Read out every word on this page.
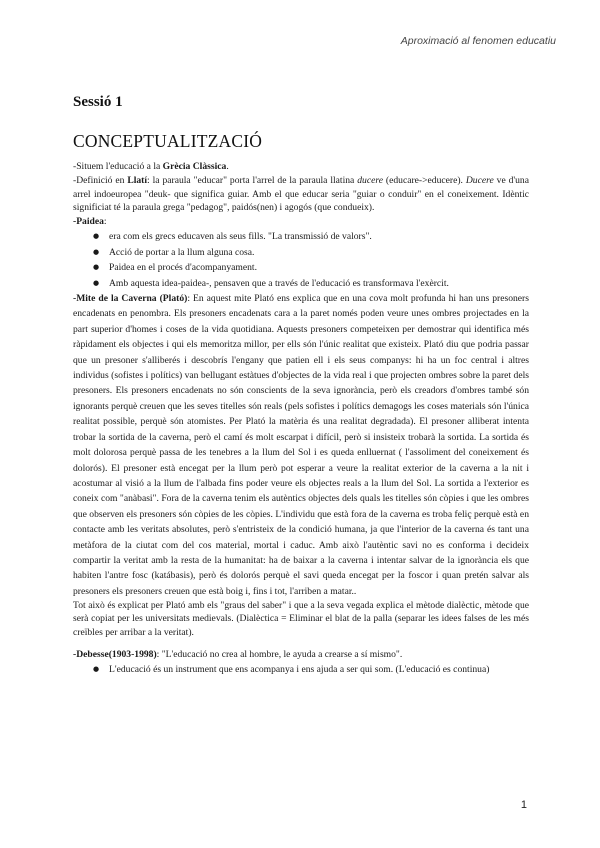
Aproximació al fenomen educatiu
Sessió 1
CONCEPTUALITZACIÓ

-Situem l'educació a la Grècia Clàssica.

-Definició en Llatí: la paraula "educar" porta l'arrel de la paraula llatina ducere (educare->educere). Ducere ve d'una arrel indoeuropea "deuk- que significa guiar. Amb el que educar seria "guiar o conduir" en el coneixement. Idèntic significiat té la paraula grega "pedagog", paidós(nen) i agogós (que condueix).

-Paidea:

● era com els grecs educaven als seus fills. "La transmissió de valors".
● Acció de portar a la llum alguna cosa.
● Paidea en el procés d'acompanyament.
● Amb aquesta idea-paidea-, pensaven que a través de l'educació es transformava l'exèrcit.

-Mite de la Caverna (Plató): En aquest mite Plató ens explica que en una cova molt profunda hi han uns presoners encadenats en penombra. Els presoners encadenats cara a la paret només poden veure unes ombres projectades en la part superior d'homes i coses de la vida quotidiana. Aquests presoners competeixen per demostrar qui identifica més ràpidament els objectes i qui els memoritza millor, per ells són l'únic realitat que existeix. Plató diu que podria passar que un presoner s'alliberés i descobrís l'engany que patien ell i els seus companys: hi ha un foc central i altres individus (sofistes i polítics) van bellugant estàtues d'objectes de la vida real i que projecten ombres sobre la paret dels presoners. Els presoners encadenats no són conscients de la seva ignorància, però els creadors d'ombres també són ignorants perquè creuen que les seves titelles són reals (pels sofistes i polítics demagogs les coses materials són l'única realitat possible, perquè són atomistes. Per Plató la matèria és una realitat degradada). El presoner alliberat intenta trobar la sortida de la caverna, però el camí és molt escarpat i difícil, però si insisteix trobarà la sortida. La sortida és molt dolorosa perquè passa de les tenebres a la llum del Sol i es queda enlluernat ( l'assoliment del coneixement és dolorós). El presoner està encegat per la llum però pot esperar a veure la realitat exterior de la caverna a la nit i acostumar al visió a la llum de l'albada fins poder veure els objectes reals a la llum del Sol. La sortida a l'exterior es coneix com "anàbasi". Fora de la caverna tenim els autèntics objectes dels quals les titelles són còpies i que les ombres que observen els presoners són còpies de les còpies. L'individu que està fora de la caverna es troba feliç perquè està en contacte amb les veritats absolutes, però s'entristeix de la condició humana, ja que l'interior de la caverna és tant una metàfora de la ciutat com del cos material, mortal i caduc. Amb això l'autèntic savi no es conforma i decideix compartir la veritat amb la resta de la humanitat: ha de baixar a la caverna i intentar salvar de la ignorància els que habiten l'antre fosc (katábasis), però és dolorós perquè el savi queda encegat per la foscor i quan pretén salvar als presoners els presoners creuen que està boig i, fins i tot, l'arriben a matar..

Tot això és explicat per Plató amb els "graus del saber" i que a la seva vegada explica el mètode dialèctic, mètode que serà copiat per les universitats medievals. (Dialèctica = Eliminar el blat de la palla (separar les idees falses de les més creïbles per arribar a la veritat).

-Debesse(1903-1998): "L'educació no crea al hombre, le ayuda a crearse a sí mismo".

● L'educació és un instrument que ens acompanya i ens ajuda a ser qui som. (L'educació es continua)
1
